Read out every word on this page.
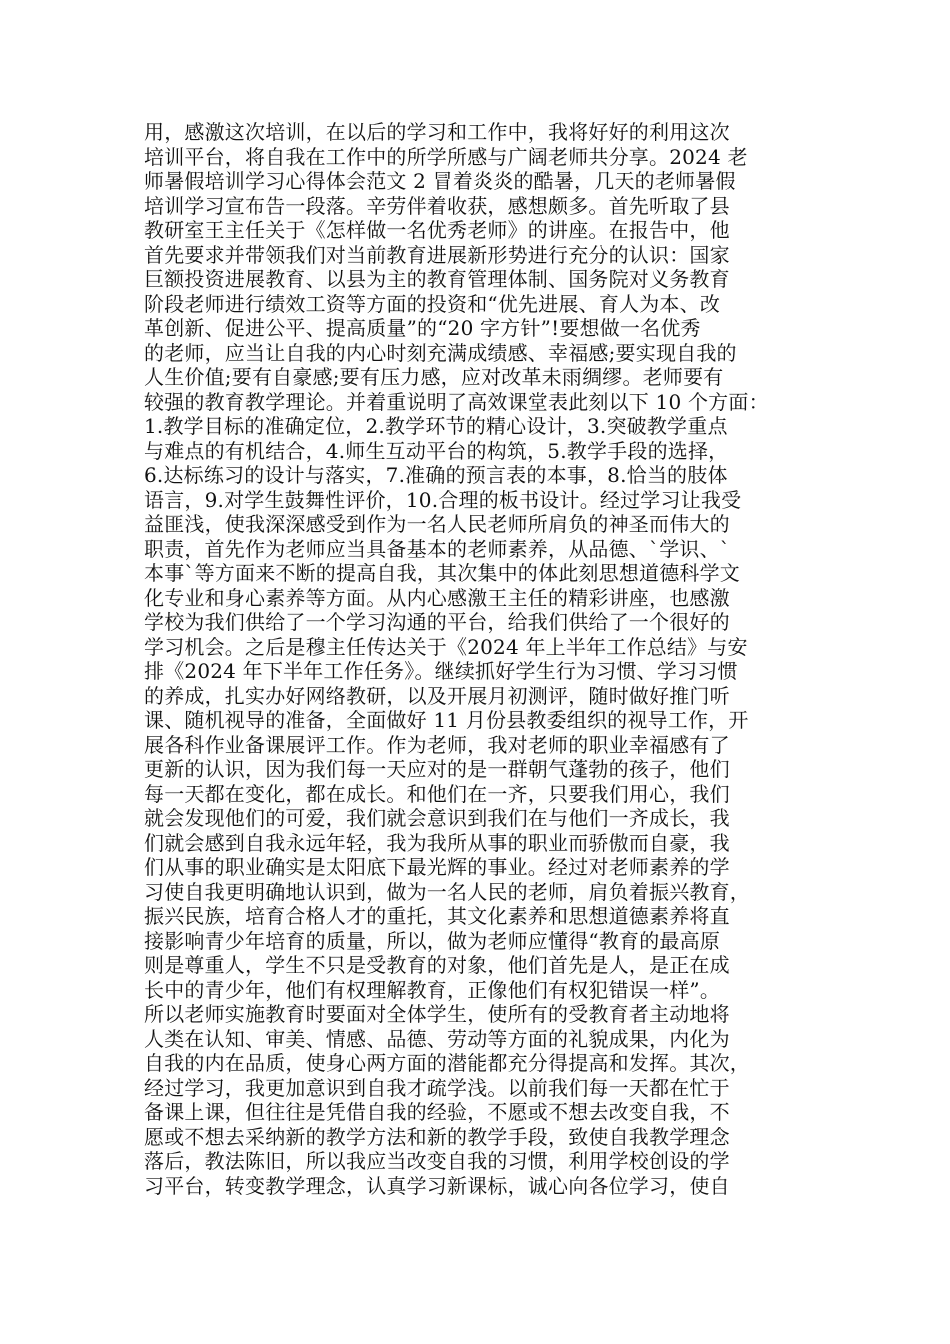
用，感激这次培训，在以后的学习和工作中，我将好好的利用这次
培训平台，将自我在工作中的所学所感与广阔老师共分享。2024 老
师暑假培训学习心得体会范文 2 冒着炎炎的酷暑，几天的老师暑假
培训学习宣布告一段落。辛劳伴着收获，感想颇多。首先听取了县
教研室王主任关于《怎样做一名优秀老师》的讲座。在报告中，他
首先要求并带领我们对当前教育进展新形势进行充分的认识：国家
巨额投资进展教育、以县为主的教育管理体制、国务院对义务教育
阶段老师进行绩效工资等方面的投资和“优先进展、育人为本、改
革创新、促进公平、提高质量”的“20 字方针”!要想做一名优秀
的老师，应当让自我的内心时刻充满成绩感、幸福感;要实现自我的
人生价值;要有自豪感;要有压力感，应对改革未雨绸缪。老师要有
较强的教育教学理论。并着重说明了高效课堂表此刻以下 10 个方面：
1.教学目标的准确定位，2.教学环节的精心设计，3.突破教学重点
与难点的有机结合，4.师生互动平台的构筑，5.教学手段的选择，
6.达标练习的设计与落实，7.准确的预言表的本事，8.恰当的肢体
语言，9.对学生鼓舞性评价，10.合理的板书设计。经过学习让我受
益匪浅，使我深深感受到作为一名人民老师所肩负的神圣而伟大的
职责，首先作为老师应当具备基本的老师素养，从品德、`学识、`
本事`等方面来不断的提高自我，其次集中的体此刻思想道德科学文
化专业和身心素养等方面。从内心感激王主任的精彩讲座，也感激
学校为我们供给了一个学习沟通的平台，给我们供给了一个很好的
学习机会。之后是穆主任传达关于《2024 年上半年工作总结》与安
排《2024 年下半年工作任务》。继续抓好学生行为习惯、学习习惯
的养成，扎实办好网络教研，以及开展月初测评，随时做好推门听
课、随机视导的准备，全面做好 11 月份县教委组织的视导工作，开
展各科作业备课展评工作。作为老师，我对老师的职业幸福感有了
更新的认识，因为我们每一天应对的是一群朝气蓬勃的孩子，他们
每一天都在变化，都在成长。和他们在一齐，只要我们用心，我们
就会发现他们的可爱，我们就会意识到我们在与他们一齐成长，我
们就会感到自我永远年轻，我为我所从事的职业而骄傲而自豪，我
们从事的职业确实是太阳底下最光辉的事业。经过对老师素养的学
习使自我更明确地认识到，做为一名人民的老师，肩负着振兴教育，
振兴民族，培育合格人才的重托，其文化素养和思想道德素养将直
接影响青少年培育的质量，所以，做为老师应懂得“教育的最高原
则是尊重人，学生不只是受教育的对象，他们首先是人，是正在成
长中的青少年，他们有权理解教育，正像他们有权犯错误一样”。
所以老师实施教育时要面对全体学生，使所有的受教育者主动地将
人类在认知、审美、情感、品德、劳动等方面的礼貌成果，内化为
自我的内在品质，使身心两方面的潜能都充分得提高和发挥。其次，
经过学习，我更加意识到自我才疏学浅。以前我们每一天都在忙于
备课上课，但往往是凭借自我的经验，不愿或不想去改变自我，不
愿或不想去采纳新的教学方法和新的教学手段，致使自我教学理念
落后，教法陈旧，所以我应当改变自我的习惯，利用学校创设的学
习平台，转变教学理念，认真学习新课标，诚心向各位学习，使自
